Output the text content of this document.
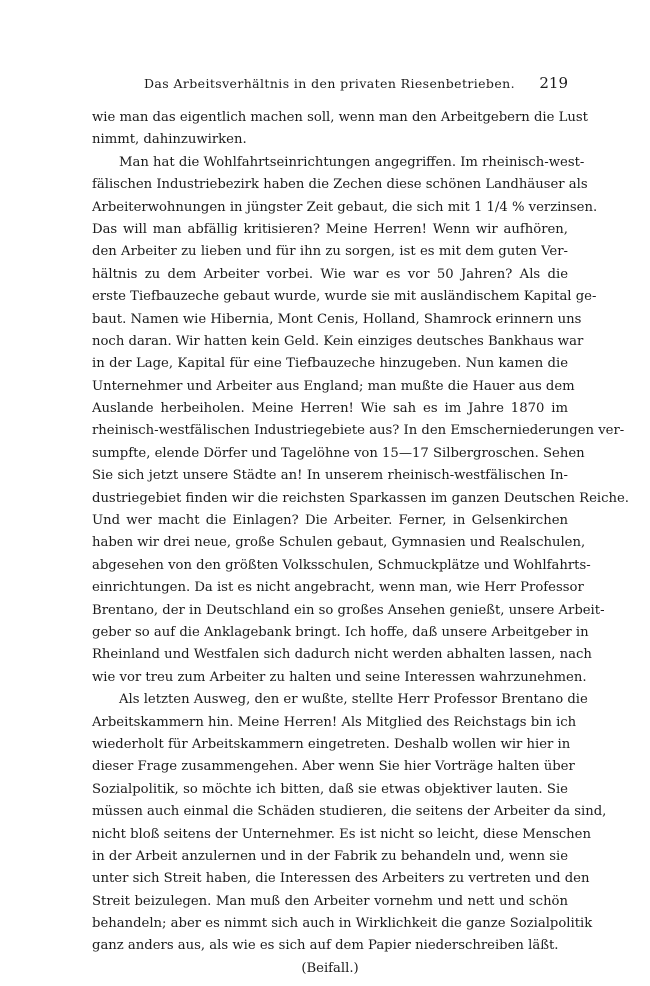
Das Arbeitsverhältnis in den privaten Riesenbetrieben. 219
wie man das eigentlich machen soll, wenn man den Arbeitgebern die Lust
nimmt, dahinzuwirken.
Man hat die Wohlfahrtseinrichtungen angegriffen. Im rheinisch-west-
fälischen Industriebezirk haben die Zechen diese schönen Landhäuser als
Arbeiterwohnungen in jüngster Zeit gebaut, die sich mit 1 1/4 % verzinsen.
Das will man abfällig kritisieren? Meine Herren! Wenn wir aufhören,
den Arbeiter zu lieben und für ihn zu sorgen, ist es mit dem guten Ver-
hältnis zu dem Arbeiter vorbei. Wie war es vor 50 Jahren? Als die
erste Tiefbauzeche gebaut wurde, wurde sie mit ausländischem Kapital ge-
baut. Namen wie Hibernia, Mont Cenis, Holland, Shamrock erinnern uns
noch daran. Wir hatten kein Geld. Kein einziges deutsches Bankhaus war
in der Lage, Kapital für eine Tiefbauzeche hinzugeben. Nun kamen die
Unternehmer und Arbeiter aus England; man mußte die Hauer aus dem
Auslande herbeiholen. Meine Herren! Wie sah es im Jahre 1870 im
rheinisch-westfälischen Industriegebiete aus? In den Emscherniederungen ver-
sumpfte, elende Dörfer und Tagelöhne von 15—17 Silbergroschen. Sehen
Sie sich jetzt unsere Städte an! In unserem rheinisch-westfälischen In-
dustriegebiet finden wir die reichsten Sparkassen im ganzen Deutschen Reiche.
Und wer macht die Einlagen? Die Arbeiter. Ferner, in Gelsenkirchen
haben wir drei neue, große Schulen gebaut, Gymnasien und Realschulen,
abgesehen von den größten Volksschulen, Schmuckplätze und Wohlfahrts-
einrichtungen. Da ist es nicht angebracht, wenn man, wie Herr Professor
Brentano, der in Deutschland ein so großes Ansehen genießt, unsere Arbeit-
geber so auf die Anklagebank bringt. Ich hoffe, daß unsere Arbeitgeber in
Rheinland und Westfalen sich dadurch nicht werden abhalten lassen, nach
wie vor treu zum Arbeiter zu halten und seine Interessen wahrzunehmen.
Als letzten Ausweg, den er wußte, stellte Herr Professor Brentano die
Arbeitskammern hin. Meine Herren! Als Mitglied des Reichstags bin ich
wiederholt für Arbeitskammern eingetreten. Deshalb wollen wir hier in
dieser Frage zusammengehen. Aber wenn Sie hier Vorträge halten über
Sozialpolitik, so möchte ich bitten, daß sie etwas objektiver lauten. Sie
müssen auch einmal die Schäden studieren, die seitens der Arbeiter da sind,
nicht bloß seitens der Unternehmer. Es ist nicht so leicht, diese Menschen
in der Arbeit anzulernen und in der Fabrik zu behandeln und, wenn sie
unter sich Streit haben, die Interessen des Arbeiters zu vertreten und den
Streit beizulegen. Man muß den Arbeiter vornehm und nett und schön
behandeln; aber es nimmt sich auch in Wirklichkeit die ganze Sozialpolitik
ganz anders aus, als wie es sich auf dem Papier niederschreiben läßt.
(Beifall.)
